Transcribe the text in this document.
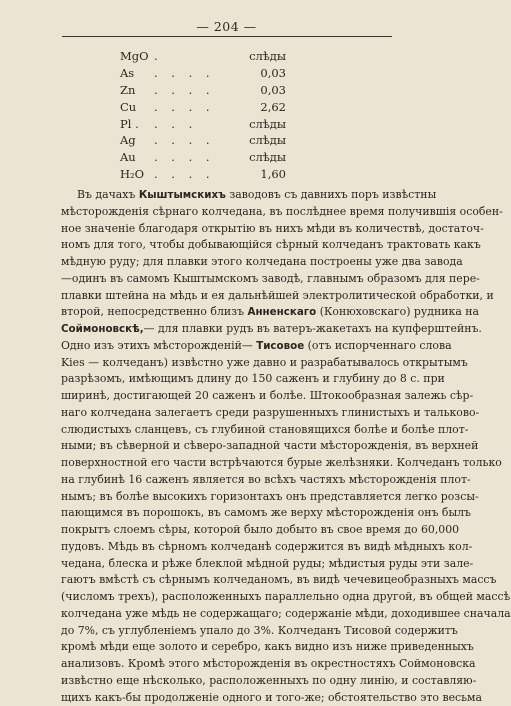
— 204 —
MgO .	слѣды
As	. . . .	0,03
Zn	. . . .	0,03
Cu	. . . .	2,62
Pl .	. . .	слѣды
Ag	. . . .	слѣды
Au	. . . .	слѣды
H₂O . . . .	1,60
Въ дачахъ Кыштымскихъ заводовъ съ давнихъ поръ извѣстны
мѣсторожденія сѣрнаго колчедана, въ послѣднее время получившія особен-
ное значеніе благодаря открытію въ нихъ мѣди въ количествѣ, достаточ-
номъ для того, чтобы добывающійся сѣрный колчеданъ трактовать какъ
мѣдную руду; для плавки этого колчедана построены уже два завода
—одинъ въ самомъ Кыштымскомъ заводѣ, главнымъ образомъ для пере-
плавки штейна на мѣдь и ея дальнѣйшей электролитической обработки, и
второй, непосредственно близъ Анненскаго (Конюховскаго) рудника на
Соймоновскѣ,— для плавки рудъ въ ватеръ-жакетахъ на купферштейнъ.
Одно изъ этихъ мѣсторожденій— Тисовое (отъ испорченнаго слова
Kies — колчеданъ) извѣстно уже давно и разрабатывалось открытымъ
разрѣзомъ, имѣющимъ длину до 150 саженъ и глубину до 8 с. при
ширинѣ, достигающей 20 саженъ и болѣе. Штокообразная залежь сѣр-
наго колчедана залегаетъ среди разрушенныхъ глинистыхъ и тальково-
слюдистыхъ сланцевъ, съ глубиной становящихся болѣе и болѣе плот-
ными; въ сѣверной и сѣверо-западной части мѣсторожденія, въ верхней
поверхностной его части встрѣчаются бурые желѣзняки. Колчеданъ только
на глубинѣ 16 саженъ является во всѣхъ частяхъ мѣсторожденія плот-
нымъ; въ болѣе высокихъ горизонтахъ онъ представляется легко розсы-
пающимся въ порошокъ, въ самомъ же верху мѣсторожденія онъ былъ
покрытъ слоемъ сѣры, которой было добыто въ свое время до 60,000
пудовъ. Мѣдь въ сѣрномъ колчеданѣ содержится въ видѣ мѣдныхъ кол-
чедана, блеска и рѣже блеклой мѣдной руды; мѣдистыя руды эти зале-
гаютъ вмѣстѣ съ сѣрнымъ колчеданомъ, въ видѣ чечевицеобразныхъ массъ
(числомъ трехъ), расположенныхъ параллельно одна другой, въ общей массѣ
колчедана уже мѣдь не содержащаго; содержаніе мѣди, доходившее сначала
до 7%, съ углубленіемъ упало до 3%. Колчеданъ Тисовой содержитъ
кромѣ мѣди еще золото и серебро, какъ видно изъ ниже приведенныхъ
анализовъ. Кромѣ этого мѣсторожденія въ окрестностяхъ Соймоновска
извѣстно еще нѣсколько, расположенныхъ по одну линію, и составляю-
щихъ какъ-бы продолженіе одного и того-же; обстоятельство это весьма
